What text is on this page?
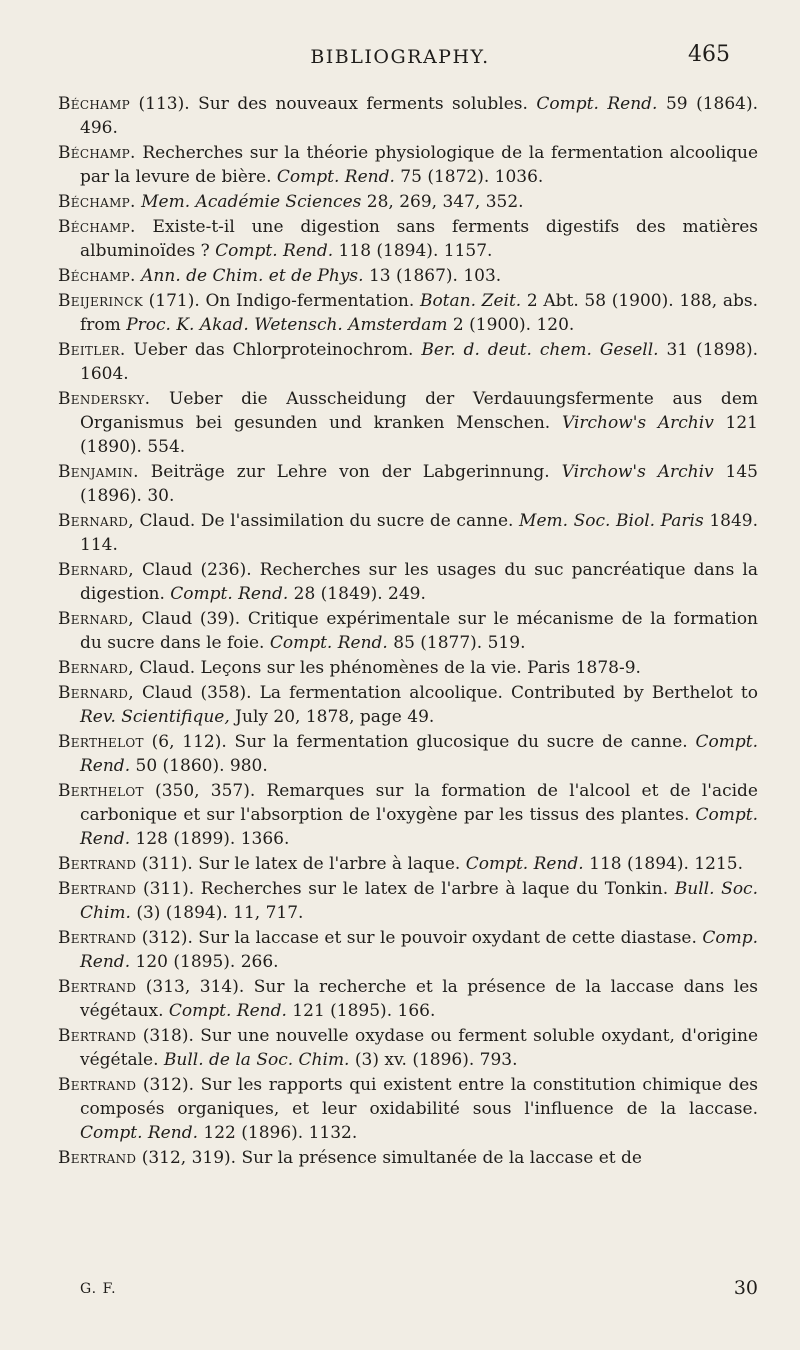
BIBLIOGRAPHY.	465
Béchamp (113). Sur des nouveaux ferments solubles. Compt. Rend. 59 (1864). 496.
Béchamp. Recherches sur la théorie physiologique de la fermentation alcoolique par la levure de bière. Compt. Rend. 75 (1872). 1036.
Béchamp. Mem. Académie Sciences 28, 269, 347, 352.
Béchamp. Existe-t-il une digestion sans ferments digestifs des matières albuminoïdes ? Compt. Rend. 118 (1894). 1157.
Béchamp. Ann. de Chim. et de Phys. 13 (1867). 103.
Beijerinck (171). On Indigo-fermentation. Botan. Zeit. 2 Abt. 58 (1900). 188, abs. from Proc. K. Akad. Wetensch. Amsterdam 2 (1900). 120.
Beitler. Ueber das Chlorproteinochrom. Ber. d. deut. chem. Gesell. 31 (1898). 1604.
Bendersky. Ueber die Ausscheidung der Verdauungsfermente aus dem Organismus bei gesunden und kranken Menschen. Virchow's Archiv 121 (1890). 554.
Benjamin. Beiträge zur Lehre von der Labgerinnung. Virchow's Archiv 145 (1896). 30.
Bernard, Claud. De l'assimilation du sucre de canne. Mem. Soc. Biol. Paris 1849. 114.
Bernard, Claud (236). Recherches sur les usages du suc pancréatique dans la digestion. Compt. Rend. 28 (1849). 249.
Bernard, Claud (39). Critique expérimentale sur le mécanisme de la formation du sucre dans le foie. Compt. Rend. 85 (1877). 519.
Bernard, Claud. Leçons sur les phénomènes de la vie. Paris 1878-9.
Bernard, Claud (358). La fermentation alcoolique. Contributed by Berthelot to Rev. Scientifique, July 20, 1878, page 49.
Berthelot (6, 112). Sur la fermentation glucosique du sucre de canne. Compt. Rend. 50 (1860). 980.
Berthelot (350, 357). Remarques sur la formation de l'alcool et de l'acide carbonique et sur l'absorption de l'oxygène par les tissus des plantes. Compt. Rend. 128 (1899). 1366.
Bertrand (311). Sur le latex de l'arbre à laque. Compt. Rend. 118 (1894). 1215.
Bertrand (311). Recherches sur le latex de l'arbre à laque du Tonkin. Bull. Soc. Chim. (3) (1894). 11, 717.
Bertrand (312). Sur la laccase et sur le pouvoir oxydant de cette diastase. Comp. Rend. 120 (1895). 266.
Bertrand (313, 314). Sur la recherche et la présence de la laccase dans les végétaux. Compt. Rend. 121 (1895). 166.
Bertrand (318). Sur une nouvelle oxydase ou ferment soluble oxydant, d'origine végétale. Bull. de la Soc. Chim. (3) xv. (1896). 793.
Bertrand (312). Sur les rapports qui existent entre la constitution chimique des composés organiques, et leur oxidabilité sous l'influence de la laccase. Compt. Rend. 122 (1896). 1132.
Bertrand (312, 319). Sur la présence simultanée de la laccase et de
G. F.	30
